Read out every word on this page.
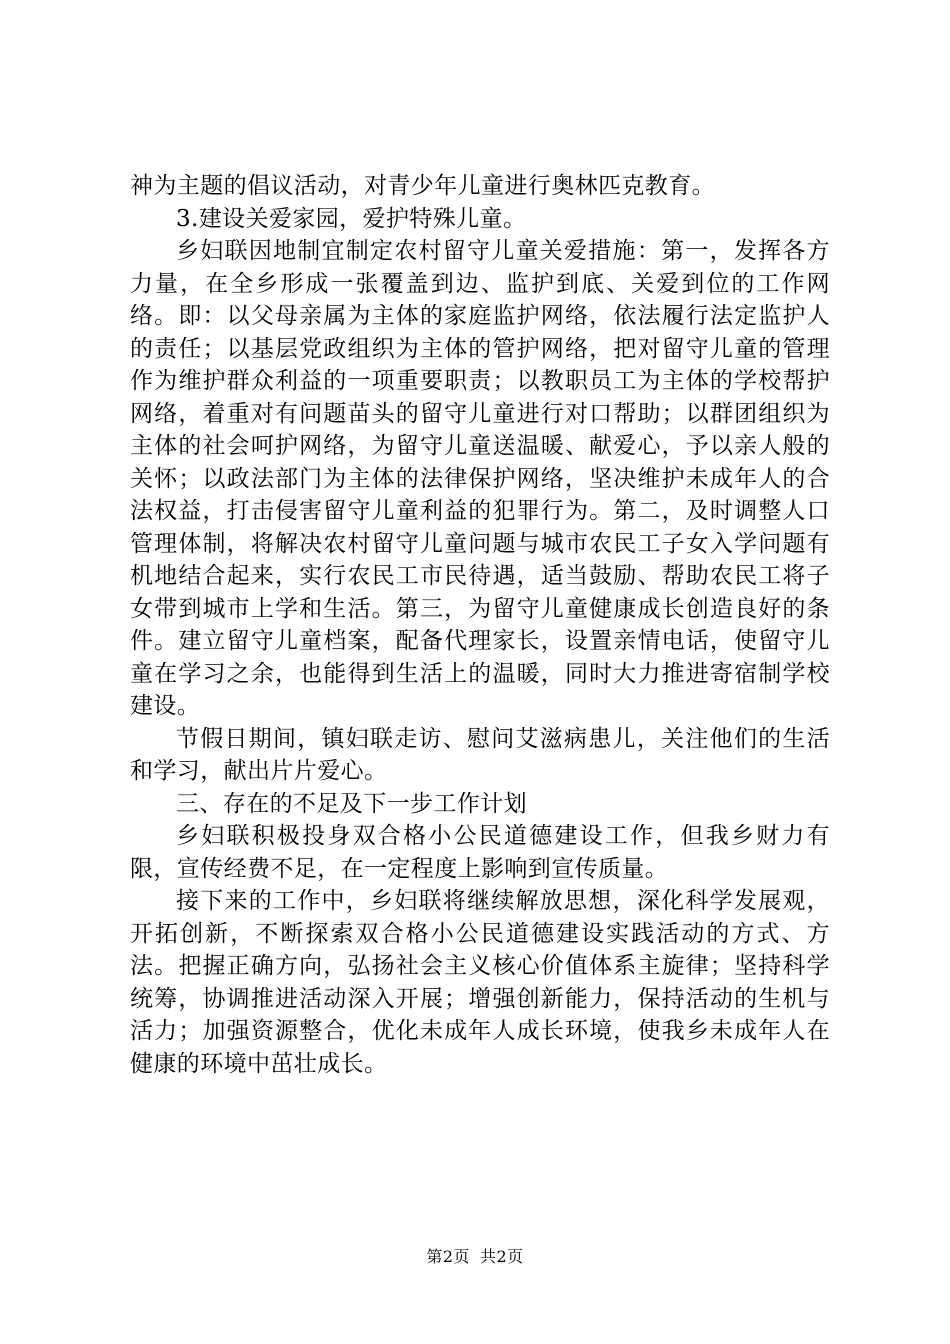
神为主题的倡议活动，对青少年儿童进行奥林匹克教育。

3.建设关爱家园，爱护特殊儿童。

乡妇联因地制宜制定农村留守儿童关爱措施：第一，发挥各方力量，在全乡形成一张覆盖到边、监护到底、关爱到位的工作网络。即：以父母亲属为主体的家庭监护网络，依法履行法定监护人的责任；以基层党政组织为主体的管护网络，把对留守儿童的管理作为维护群众利益的一项重要职责；以教职员工为主体的学校帮护网络，着重对有问题苗头的留守儿童进行对口帮助；以群团组织为主体的社会呵护网络，为留守儿童送温暖、献爱心，予以亲人般的关怀；以政法部门为主体的法律保护网络，坚决维护未成年人的合法权益，打击侵害留守儿童利益的犯罪行为。第二，及时调整人口管理体制，将解决农村留守儿童问题与城市农民工子女入学问题有机地结合起来，实行农民工市民待遇，适当鼓励、帮助农民工将子女带到城市上学和生活。第三，为留守儿童健康成长创造良好的条件。建立留守儿童档案，配备代理家长，设置亲情电话，使留守儿童在学习之余，也能得到生活上的温暖，同时大力推进寄宿制学校建设。

节假日期间，镇妇联走访、慰问艾滋病患儿，关注他们的生活和学习，献出片片爱心。

三、存在的不足及下一步工作计划

乡妇联积极投身双合格小公民道德建设工作，但我乡财力有限，宣传经费不足，在一定程度上影响到宣传质量。

接下来的工作中，乡妇联将继续解放思想，深化科学发展观，开拓创新，不断探索双合格小公民道德建设实践活动的方式、方法。把握正确方向，弘扬社会主义核心价值体系主旋律；坚持科学统筹，协调推进活动深入开展；增强创新能力，保持活动的生机与活力；加强资源整合，优化未成年人成长环境，使我乡未成年人在健康的环境中茁壮成长。

第2页 共2页
